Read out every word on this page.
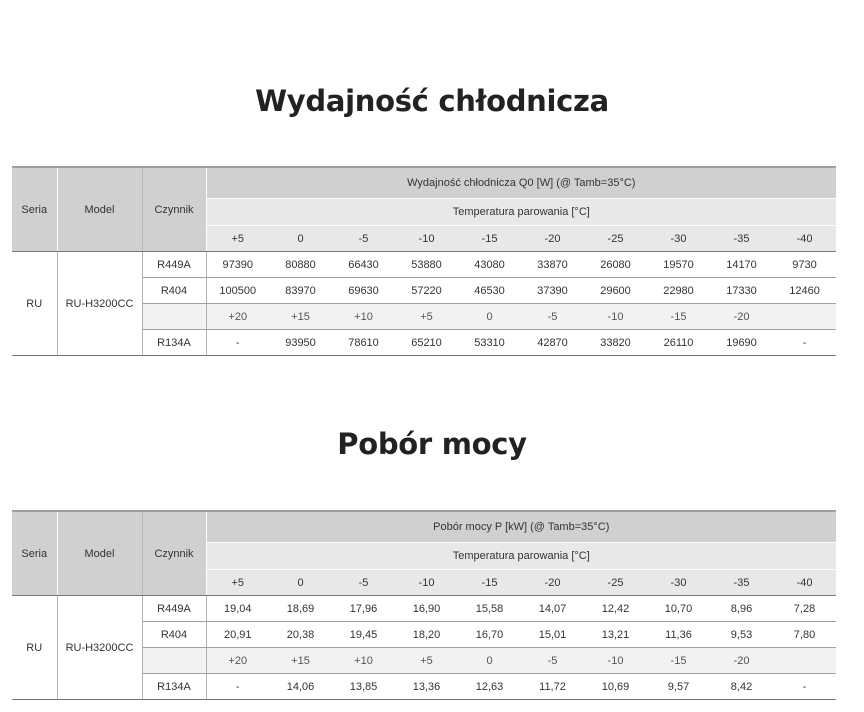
Wydajność chłodnicza
Seria	Model	Czynnik	Wydajność chłodnicza Q0 [W] (@ Tamb=35°C)									
			Temperatura parowania [°C]									
			+5	0	-5	-10	-15	-20	-25	-30	-35	-40
RU	RU-H3200CC	R449A	97390	80880	66430	53880	43080	33870	26080	19570	14170	9730
		R404	100500	83970	69630	57220	46530	37390	29600	22980	17330	12460
			+20	+15	+10	+5	0	-5	-10	-15	-20	
		R134A	-	93950	78610	65210	53310	42870	33820	26110	19690	-
Pobór mocy
Seria	Model	Czynnik	Pobór mocy P [kW] (@ Tamb=35°C)									
			Temperatura parowania [°C]									
			+5	0	-5	-10	-15	-20	-25	-30	-35	-40
RU	RU-H3200CC	R449A	19,04	18,69	17,96	16,90	15,58	14,07	12,42	10,70	8,96	7,28
		R404	20,91	20,38	19,45	18,20	16,70	15,01	13,21	11,36	9,53	7,80
			+20	+15	+10	+5	0	-5	-10	-15	-20	
		R134A	-	14,06	13,85	13,36	12,63	11,72	10,69	9,57	8,42	-
